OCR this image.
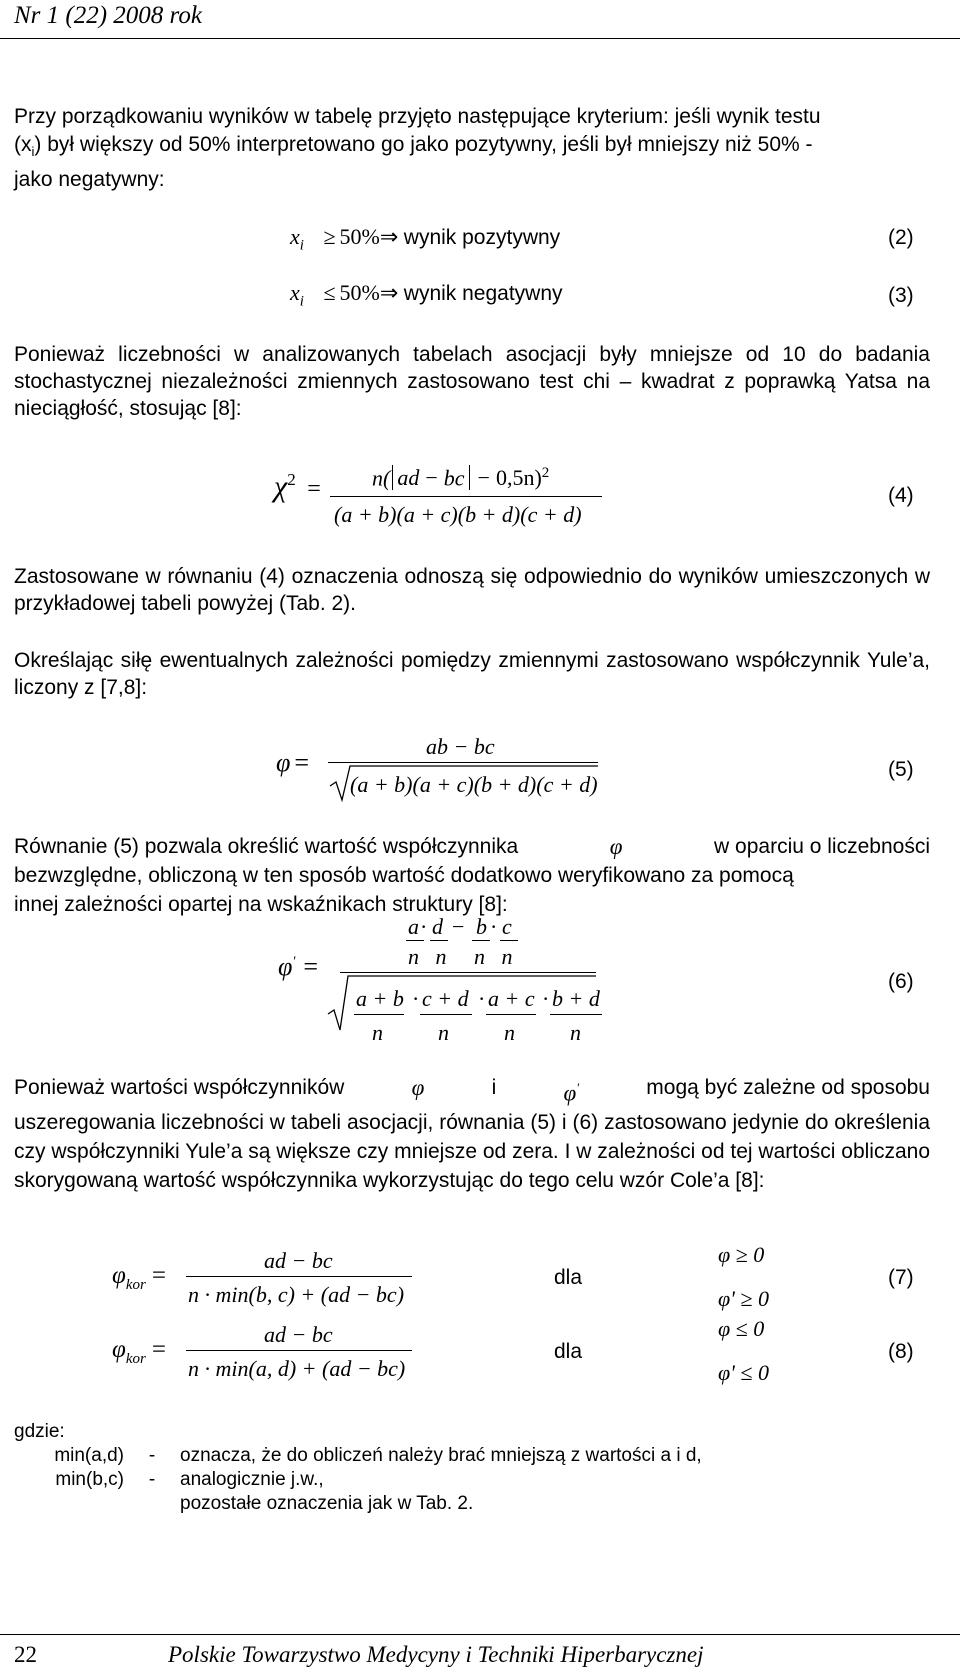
Nr 1 (22) 2008 rok
Przy porządkowaniu wyników w tabelę przyjęto następujące kryterium: jeśli wynik testu
$(x_i)$ był większy od 50% interpretowano go jako pozytywny, jeśli był mniejszy niż 50% -
jako negatywny:
$x_i$ ≥ 50%⇒ wynik pozytywny	(2)
$x_i$ ≤ 50%⇒ wynik negatywny	(3)
Ponieważ liczebności w analizowanych tabelach asocjacji były mniejsze od 10 do badania stochastycznej niezależności zmiennych zastosowano test chi – kwadrat z poprawką Yatsa na nieciągłość, stosując [8]:
$\chi^2 = n$( ad − bc − 0,5n)$^2$
(a + b)(a + c)(b + d)(c + d)
(4)
Zastosowane w równaniu (4) oznaczenia odnoszą się odpowiednio do wyników umieszczonych w przykładowej tabeli powyżej (Tab. 2).
Określając siłę ewentualnych zależności pomiędzy zmiennymi zastosowano współczynnik Yule’a, liczony z [7,8]:
φ =
ab − bc
(a + b)(a + c)(b + d)(c + d)
(5)
Równanie (5) pozwala określić wartość współczynnika	φ	w oparciu o liczebności
bezwzględne, obliczoną w ten sposób wartość dodatkowo weryfikowano za pomocą
innej zależności opartej na wskaźnikach struktury [8]:
φ' =
a · d − b · c
n   n     n   n
a + b · c + d · a + c · b + d
n	n	n	n
(6)
Ponieważ wartości współczynników	φ	i	φ'	mogą być zależne od sposobu
uszeregowania liczebności w tabeli asocjacji, równania (5) i (6) zastosowano jedynie do określenia czy współczynniki Yule’a są większe czy mniejsze od zera. I w zależności od tej wartości obliczano skorygowaną wartość współczynnika wykorzystując do tego celu wzór Cole’a [8]:
$\varphi_{kor}$ =
ad − bc
n · min(b, c) + (ad − bc)
dla
φ ≥ 0
φ' ≥ 0
(7)
$\varphi_{kor}$ =
ad − bc
n · min(a, d) + (ad − bc)
dla
φ ≤ 0
φ' ≤ 0
(8)
gdzie:
min(a,d)	-	oznacza, że do obliczeń należy brać mniejszą z wartości a i d,
min(b,c)	-	analogicznie j.w.,
pozostałe oznaczenia jak w Tab. 2.
22	Polskie Towarzystwo Medycyny i Techniki Hiperbarycznej
